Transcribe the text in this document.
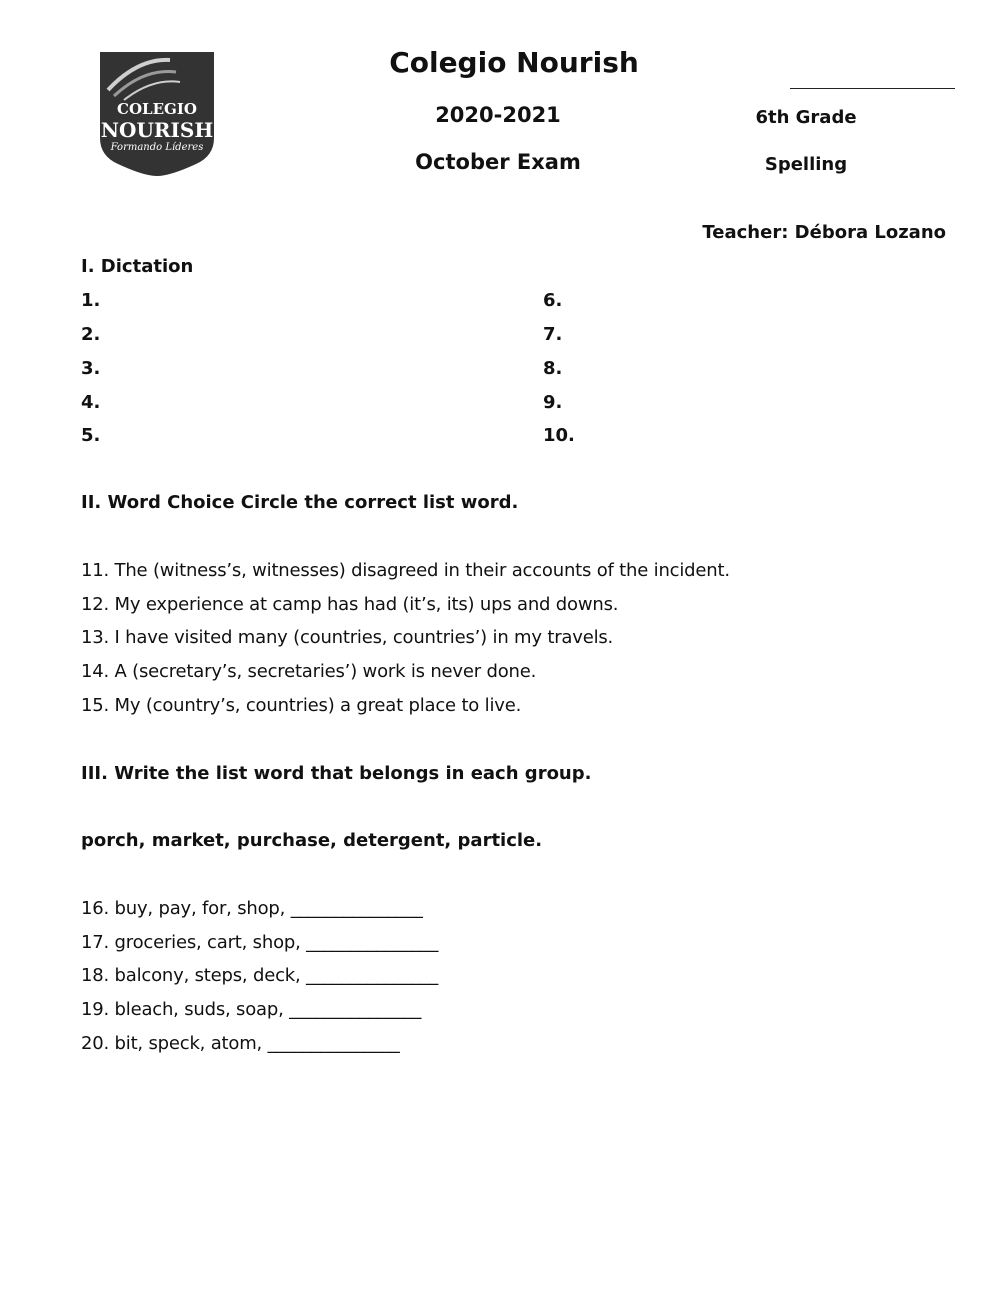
COLEGIO
NOURISH
Formando Líderes
Colegio Nourish
2020-2021
October Exam
6th Grade
Spelling
Teacher: Débora Lozano
I. Dictation
1.
2.
3.
4.
5.
6.
7.
8.
9.
10.
II. Word Choice Circle the correct list word.
11. The (witness’s, witnesses) disagreed in their accounts of the incident.
12. My experience at camp has had (it’s, its) ups and downs.
13. I have visited many (countries, countries’) in my travels.
14. A (secretary’s, secretaries’) work is never done.
15. My (country’s, countries) a great place to live.
III. Write the list word that belongs in each group.
porch, market, purchase, detergent, particle.
16. buy, pay, for, shop, _______________
17. groceries, cart, shop, _______________
18. balcony, steps, deck, _______________
19. bleach, suds, soap, _______________
20. bit, speck, atom, _______________
